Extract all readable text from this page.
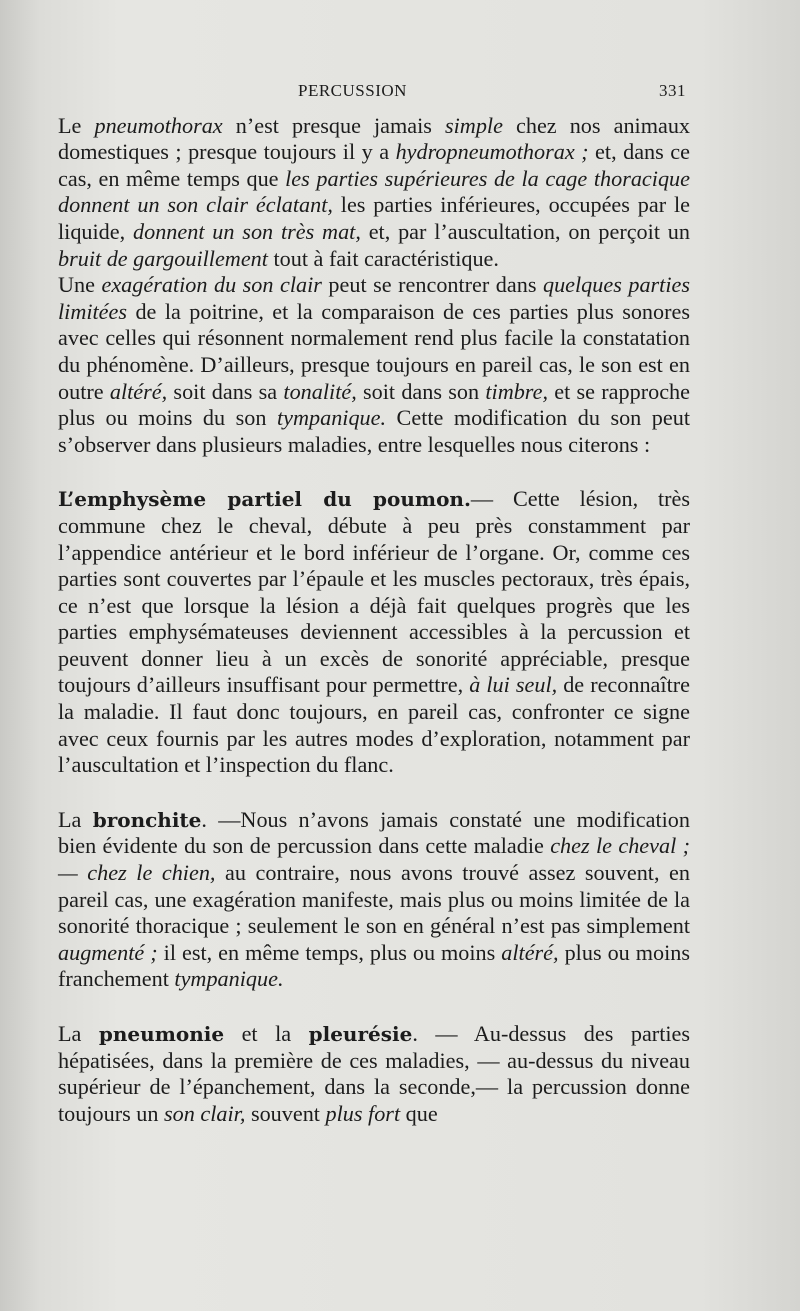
PERCUSSION	331

Le pneumothorax n’est presque jamais simple chez nos animaux domestiques ; presque toujours il y a hydropneumothorax ; et, dans ce cas, en même temps que les parties supérieures de la cage thoracique donnent un son clair éclatant, les parties inférieures, occupées par le liquide, donnent un son très mat, et, par l’auscultation, on perçoit un bruit de gargouillement tout à fait caractéristique.

Une exagération du son clair peut se rencontrer dans quelques parties limitées de la poitrine, et la comparaison de ces parties plus sonores avec celles qui résonnent normalement rend plus facile la constatation du phénomène. D’ailleurs, presque toujours en pareil cas, le son est en outre altéré, soit dans sa tonalité, soit dans son timbre, et se rapproche plus ou moins du son tympanique. Cette modification du son peut s’observer dans plusieurs maladies, entre lesquelles nous citerons :

L’emphysème partiel du poumon.— Cette lésion, très commune chez le cheval, débute à peu près constamment par l’appendice antérieur et le bord inférieur de l’organe. Or, comme ces parties sont couvertes par l’épaule et les muscles pectoraux, très épais, ce n’est que lorsque la lésion a déjà fait quelques progrès que les parties emphysémateuses deviennent accessibles à la percussion et peuvent donner lieu à un excès de sonorité appréciable, presque toujours d’ailleurs insuffisant pour permettre, à lui seul, de reconnaître la maladie. Il faut donc toujours, en pareil cas, confronter ce signe avec ceux fournis par les autres modes d’exploration, notamment par l’auscultation et l’inspection du flanc.

La bronchite. —Nous n’avons jamais constaté une modification bien évidente du son de percussion dans cette maladie chez le cheval ; — chez le chien, au contraire, nous avons trouvé assez souvent, en pareil cas, une exagération manifeste, mais plus ou moins limitée de la sonorité thoracique ; seulement le son en général n’est pas simplement augmenté ; il est, en même temps, plus ou moins altéré, plus ou moins franchement tympanique.

La pneumonie et la pleurésie. — Au-dessus des parties hépatisées, dans la première de ces maladies, — au-dessus du niveau supérieur de l’épanchement, dans la seconde,— la percussion donne toujours un son clair, souvent plus fort que
